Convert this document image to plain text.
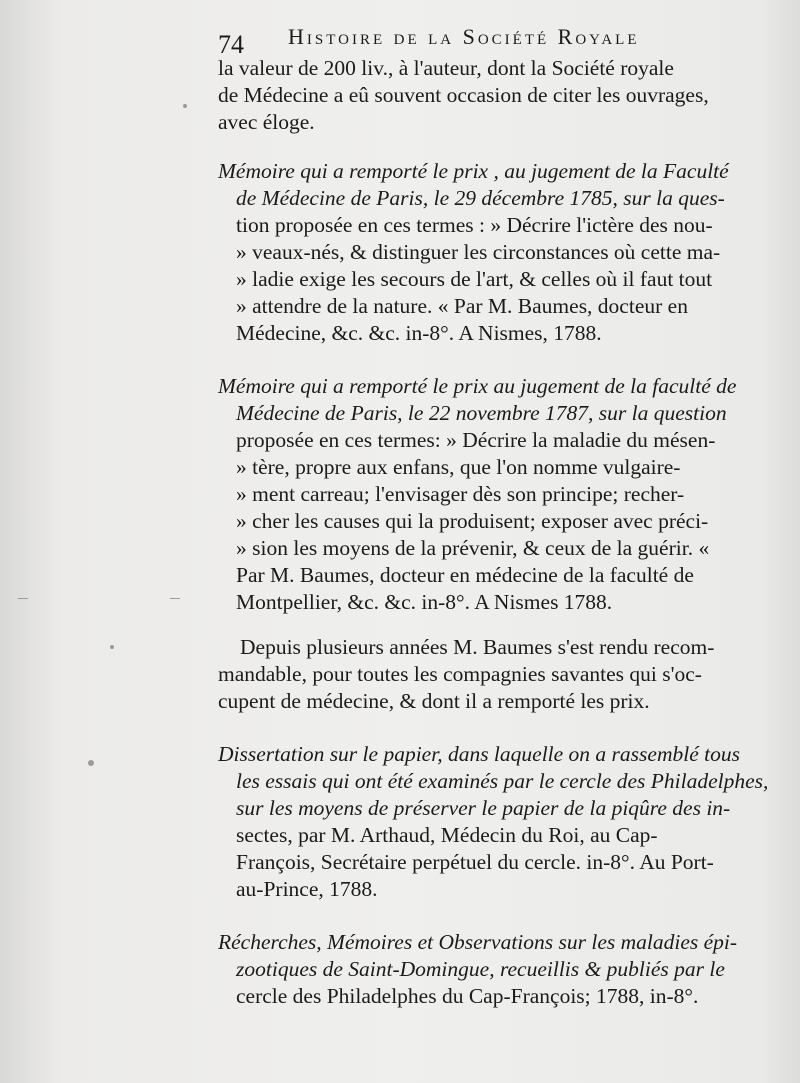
74 Histoire de la Société Royale
la valeur de 200 liv., à l'auteur, dont la Société royale
de Médecine a eû souvent occasion de citer les ouvrages,
avec éloge.
Mémoire qui a remporté le prix , au jugement de la Faculté
de Médecine de Paris, le 29 décembre 1785, sur la ques-
tion proposée en ces termes : » Décrire l'ictère des nou-
» veaux-nés, & distinguer les circonstances où cette ma-
» ladie exige les secours de l'art, & celles où il faut tout
» attendre de la nature. « Par M. Baumes, docteur en
Médecine, &c. &c. in-8°. A Nismes, 1788.
Mémoire qui a remporté le prix au jugement de la faculté de
Médecine de Paris, le 22 novembre 1787, sur la question
proposée en ces termes: » Décrire la maladie du mésen-
» tère, propre aux enfans, que l'on nomme vulgaire-
» ment carreau; l'envisager dès son principe; recher-
» cher les causes qui la produisent; exposer avec préci-
» sion les moyens de la prévenir, & ceux de la guérir. «
Par M. Baumes, docteur en médecine de la faculté de
Montpellier, &c. &c. in-8°. A Nismes 1788.
Depuis plusieurs années M. Baumes s'est rendu recom-
mandable, pour toutes les compagnies savantes qui s'oc-
cupent de médecine, & dont il a remporté les prix.
Dissertation sur le papier, dans laquelle on a rassemblé tous
les essais qui ont été examinés par le cercle des Philadelphes,
sur les moyens de préserver le papier de la piqûre des in-
sectes, par M. Arthaud, Médecin du Roi, au Cap-
François, Secrétaire perpétuel du cercle. in-8°. Au Port-
au-Prince, 1788.
Récherches, Mémoires et Observations sur les maladies épi-
zootiques de Saint-Domingue, recueillis & publiés par le
cercle des Philadelphes du Cap-François; 1788, in-8°.
